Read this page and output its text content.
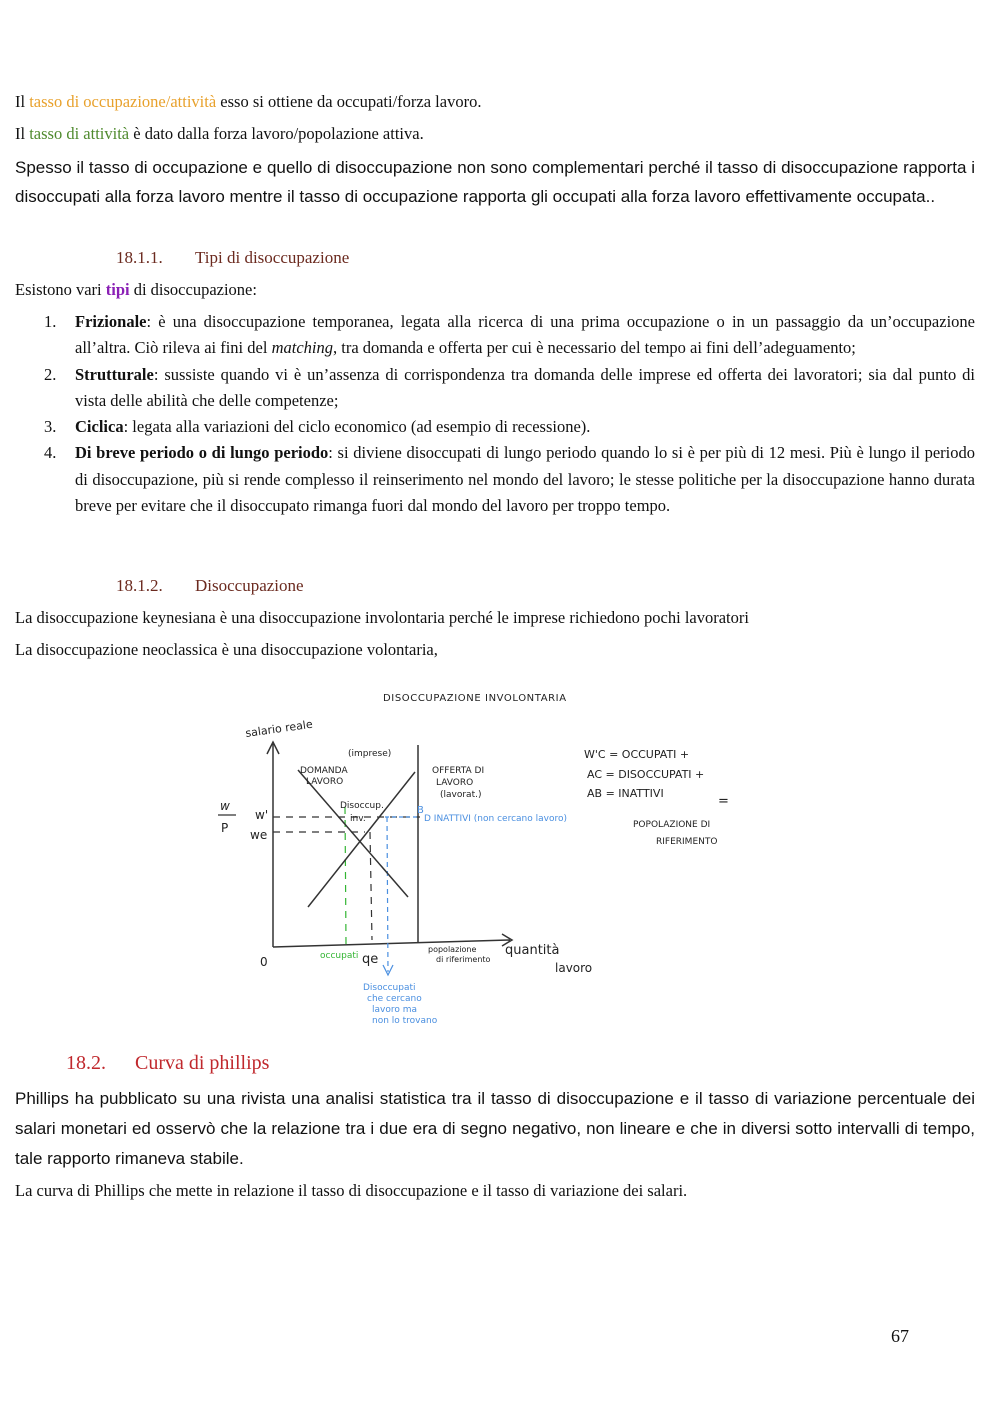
Il tasso di occupazione/attività esso si ottiene da occupati/forza lavoro.
Il tasso di attività è dato dalla forza lavoro/popolazione attiva.
Spesso il tasso di occupazione e quello di disoccupazione non sono complementari perché il tasso di disoccupazione rapporta i disoccupati alla forza lavoro mentre il tasso di occupazione rapporta gli occupati alla forza lavoro effettivamente occupata..
18.1.1. Tipi di disoccupazione
Esistono vari tipi di disoccupazione:
1. Frizionale: è una disoccupazione temporanea, legata alla ricerca di una prima occupazione o in un passaggio da un’occupazione all’altra. Ciò rileva ai fini del matching, tra domanda e offerta per cui è necessario del tempo ai fini dell’adeguamento;
2. Strutturale: sussiste quando vi è un’assenza di corrispondenza tra domanda delle imprese ed offerta dei lavoratori; sia dal punto di vista delle abilità che delle competenze;
3. Ciclica: legata alla variazioni del ciclo economico (ad esempio di recessione).
4. Di breve periodo o di lungo periodo: si diviene disoccupati di lungo periodo quando lo si è per più di 12 mesi. Più è lungo il periodo di disoccupazione, più si rende complesso il reinserimento nel mondo del lavoro; le stesse politiche per la disoccupazione hanno durata breve per evitare che il disoccupato rimanga fuori dal mondo del lavoro per troppo tempo.
18.1.2. Disoccupazione
La disoccupazione keynesiana è una disoccupazione involontaria perché le imprese richiedono pochi lavoratori
La disoccupazione neoclassica è una disoccupazione volontaria,
DISOCCUPAZIONE INVOLONTARIA
salario reale
quantità
lavoro
0
w
P
w'
we
(imprese)
DOMANDA
LAVORO
OFFERTA DI
LAVORO
(lavorat.)
Disoccup.
inv.
B
D INATTIVI (non cercano lavoro)
occupati qe
popolazione
di riferimento
Disoccupati
che cercano
lavoro ma
non lo trovano
W'C = OCCUPATI +
AC = DISOCCUPATI +
AB = INATTIVI
=
POPOLAZIONE DI
RIFERIMENTO
18.2. Curva di phillips
Phillips ha pubblicato su una rivista una analisi statistica tra il tasso di disoccupazione e il tasso di variazione percentuale dei salari monetari ed osservò che la relazione tra i due era di segno negativo, non lineare e che in diversi sotto intervalli di tempo, tale rapporto rimaneva stabile.
La curva di Phillips che mette in relazione il tasso di disoccupazione e il tasso di variazione dei salari.
67
